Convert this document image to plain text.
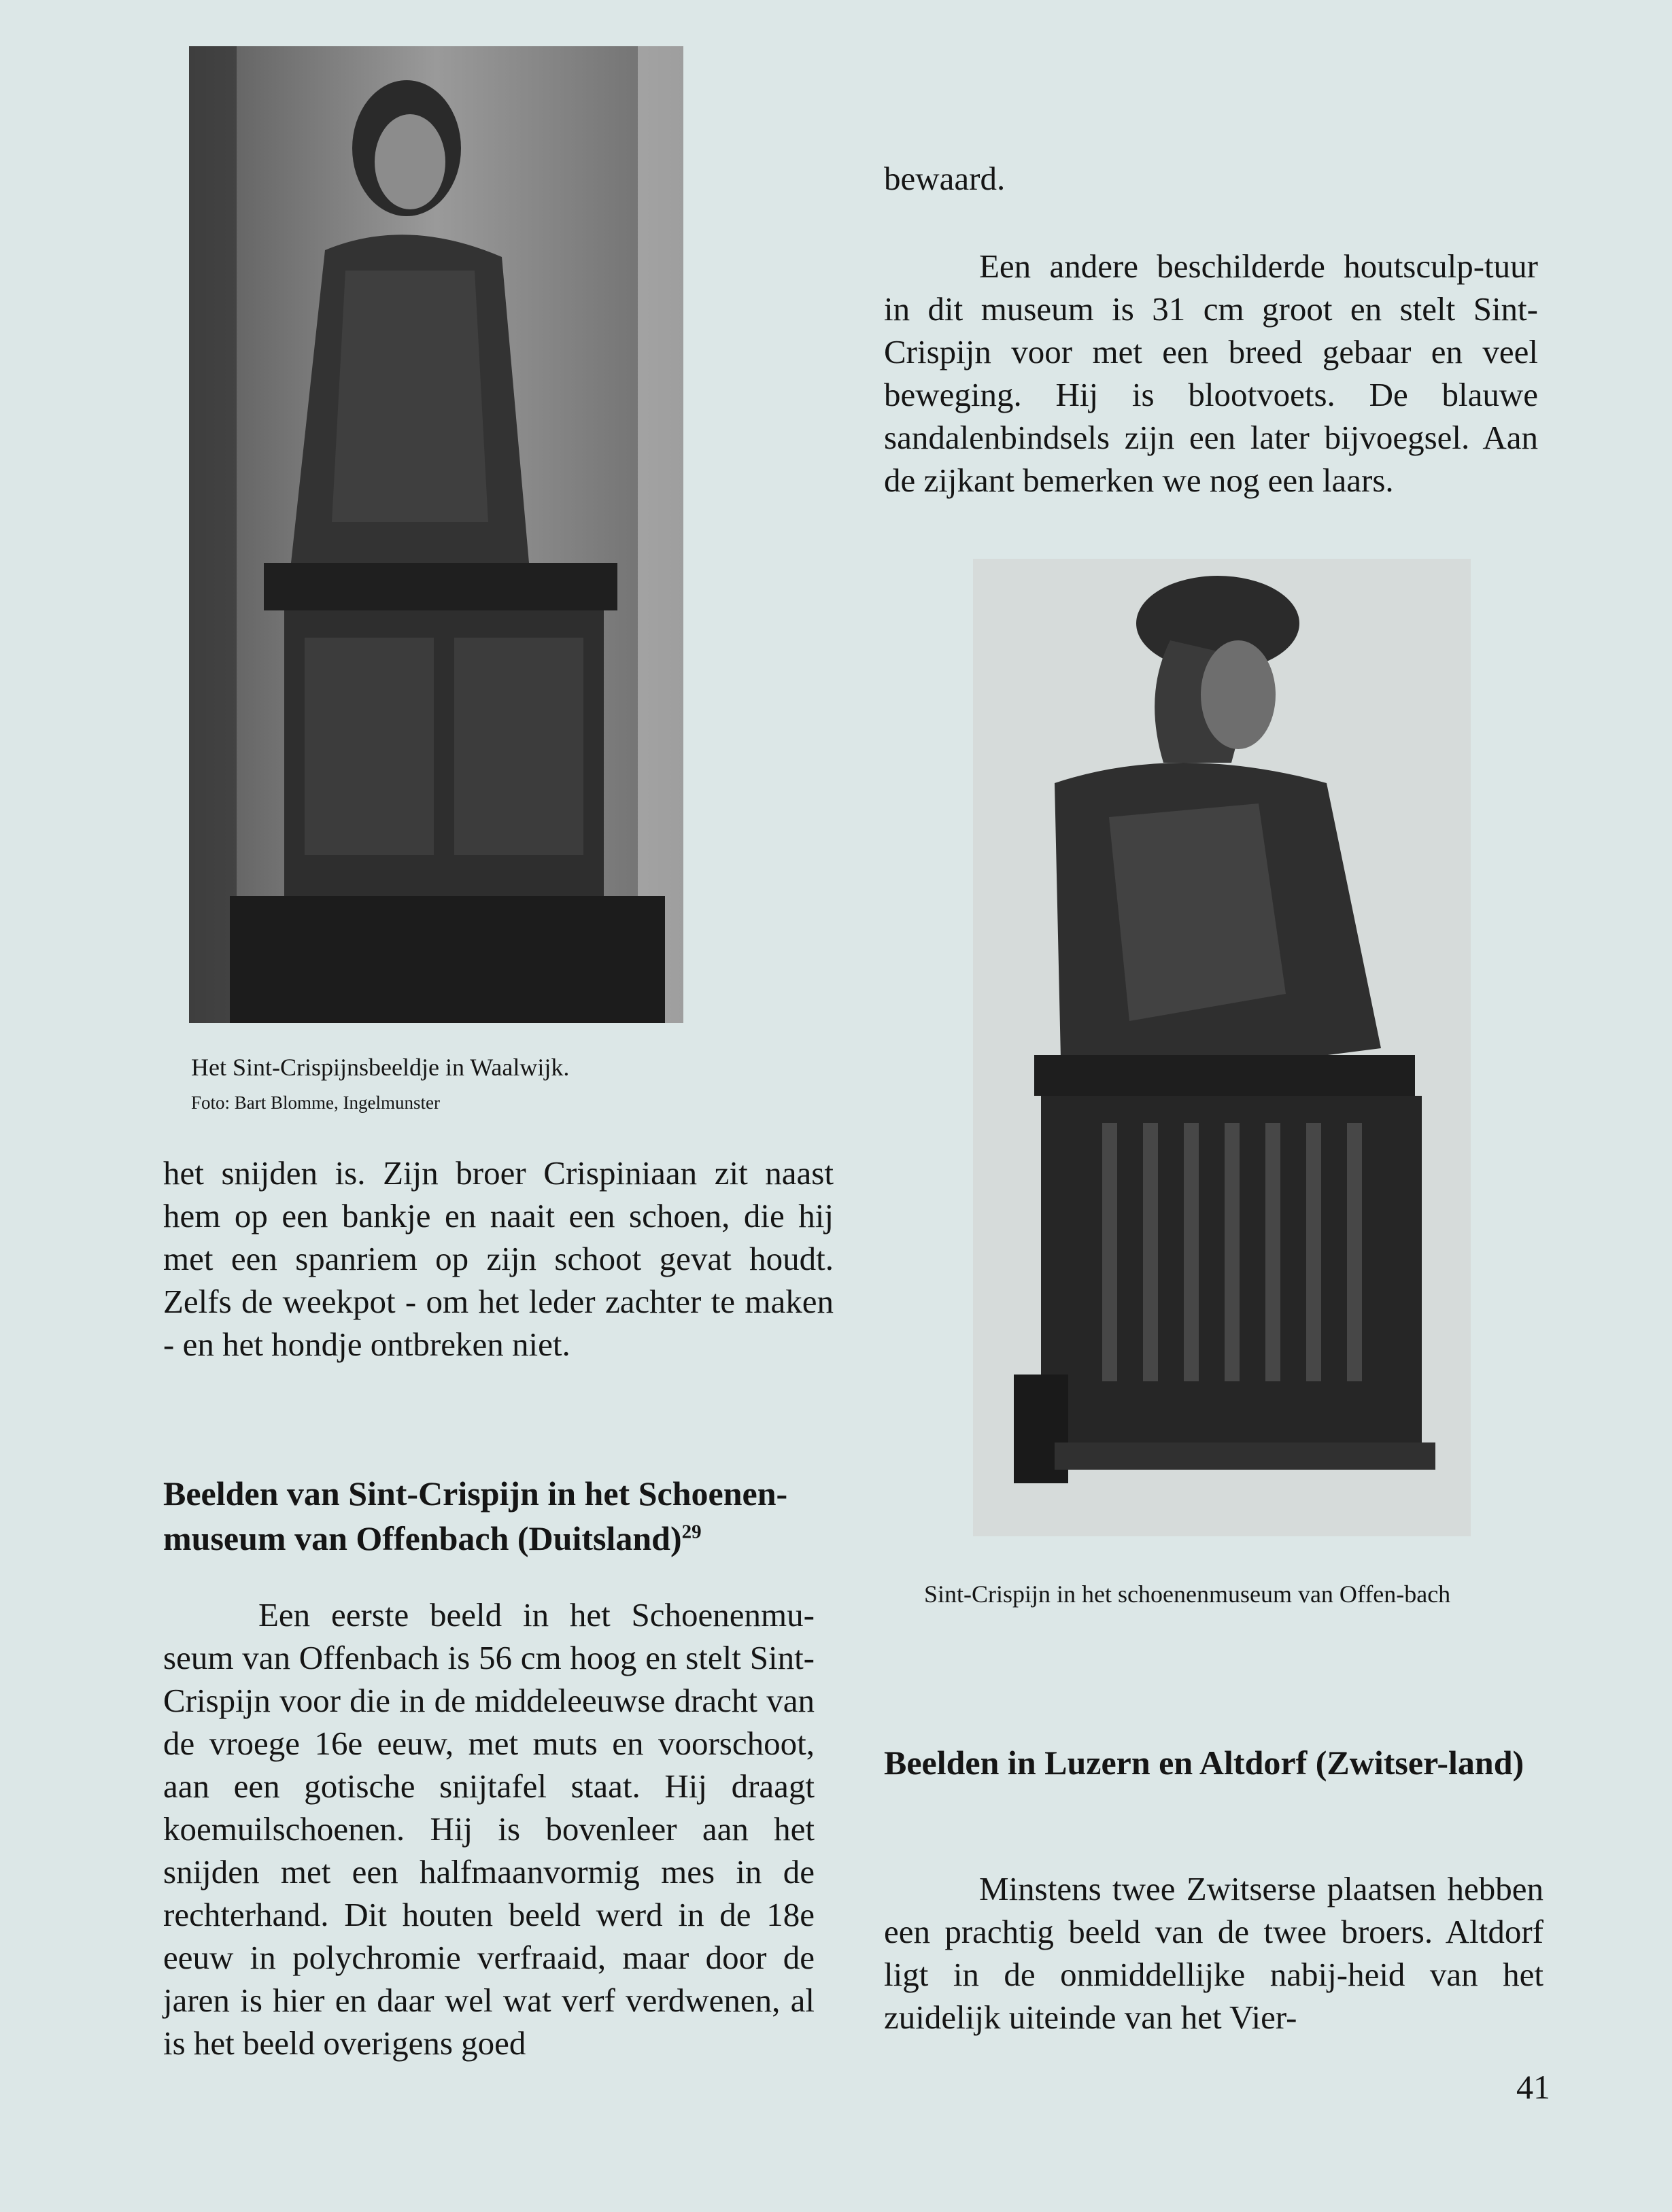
Het Sint-Crispijnsbeeldje in Waalwijk.

Foto: Bart Blomme, Ingelmunster

het snijden is. Zijn broer Crispiniaan zit naast hem op een bankje en naait een schoen, die hij met een spanriem op zijn schoot gevat houdt. Zelfs de weekpot - om het leder zachter te maken - en het hondje ontbreken niet.

Beelden van Sint-Crispijn in het Schoenen-museum van Offenbach (Duitsland)$^{29}$

Een eerste beeld in het Schoenenmu-seum van Offenbach is 56 cm hoog en stelt Sint-Crispijn voor die in de middeleeuwse dracht van de vroege 16e eeuw, met muts en voorschoot, aan een gotische snijtafel staat. Hij draagt koemuilschoenen. Hij is bovenleer aan het snijden met een halfmaanvormig mes in de rechterhand. Dit houten beeld werd in de 18e eeuw in polychromie verfraaid, maar door de jaren is hier en daar wel wat verf verdwenen, al is het beeld overigens goed

bewaard.

Een andere beschilderde houtsculp-tuur in dit museum is 31 cm groot en stelt Sint-Crispijn voor met een breed gebaar en veel beweging. Hij is blootvoets. De blauwe sandalenbindsels zijn een later bijvoegsel. Aan de zijkant bemerken we nog een laars.

Sint-Crispijn in het schoenenmuseum van Offen-bach

Beelden in Luzern en Altdorf (Zwitser-land)

Minstens twee Zwitserse plaatsen hebben een prachtig beeld van de twee broers. Altdorf ligt in de onmiddellijke nabij-heid van het zuidelijk uiteinde van het Vier-

41
